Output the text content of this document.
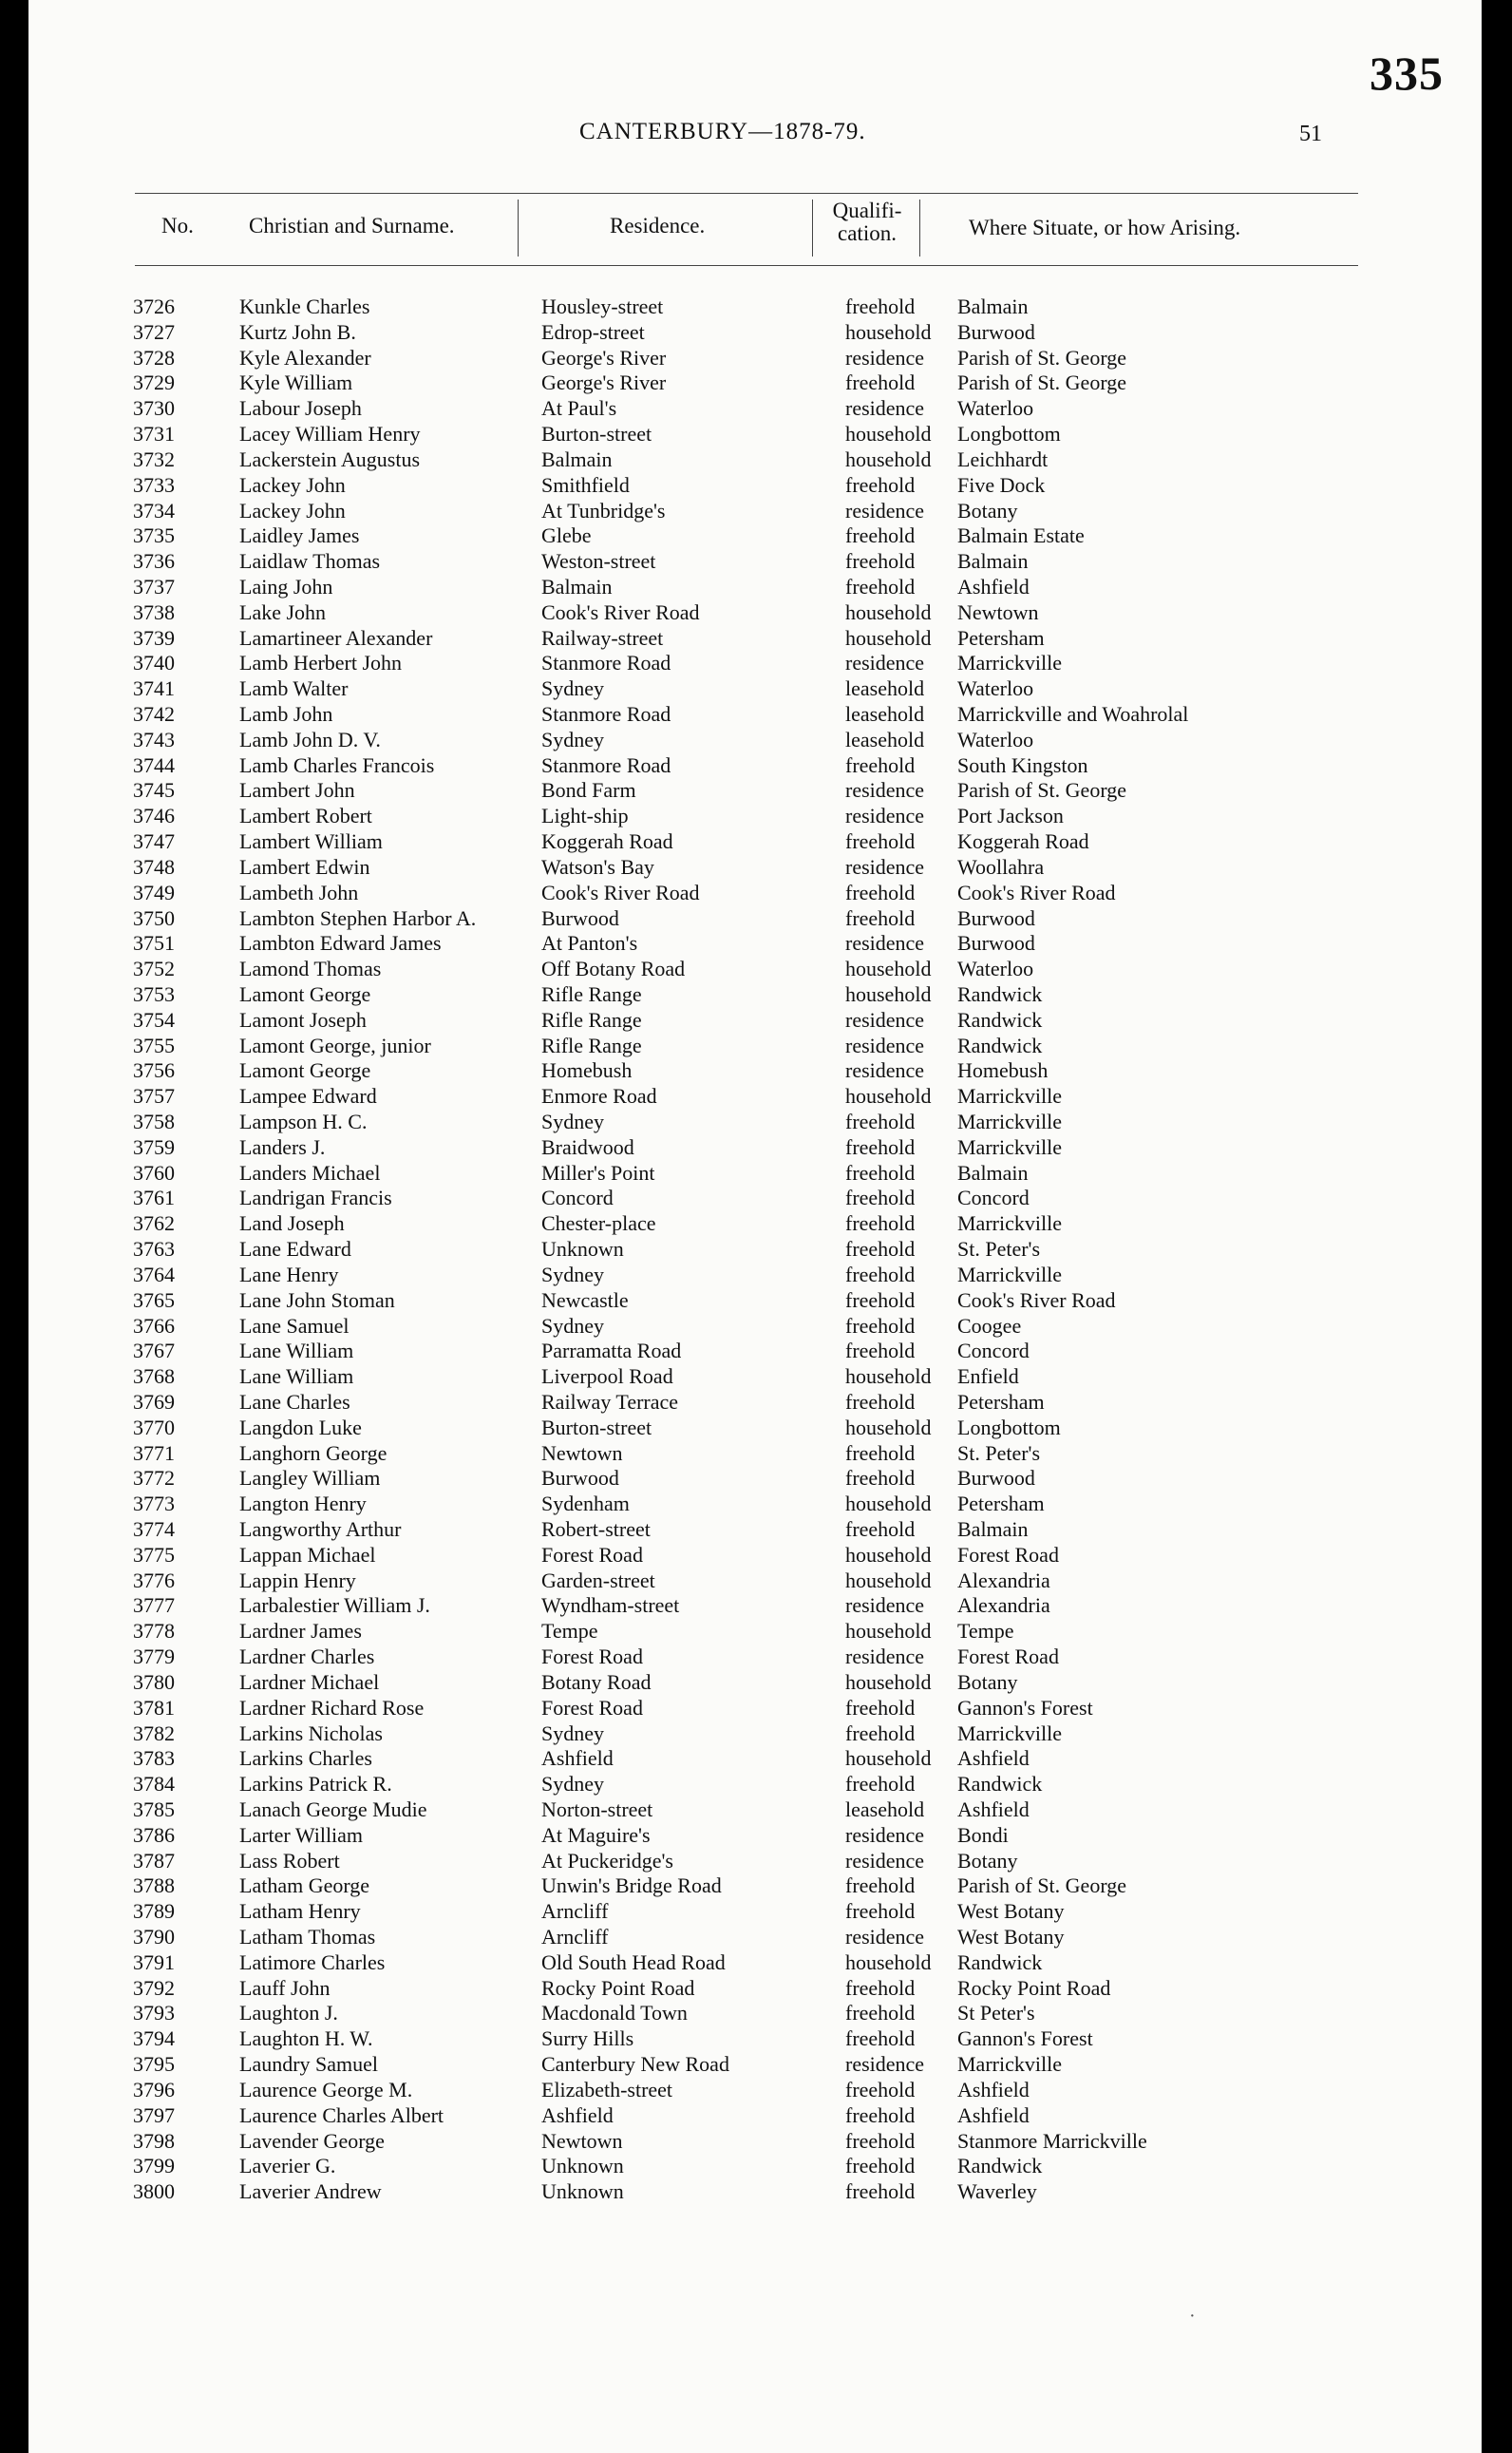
335
CANTERBURY—1878-79.	51
No.	Christian and Surname.	Residence.
Qualifi-
cation.	Where Situate, or how Arising.
3726	Kunkle Charles	Housley-street	freehold Balmain
3727	Kurtz John B.	Edrop-street	household Burwood
3728	Kyle Alexander	George's River	residence Parish of St. George
3729	Kyle William	George's River	freehold Parish of St. George
3730	Labour Joseph	At Paul's	residence Waterloo
3731	Lacey William Henry	Burton-street	household Longbottom
3732	Lackerstein Augustus	Balmain	household Leichhardt
3733	Lackey John	Smithfield	freehold Five Dock
3734	Lackey John	At Tunbridge's	residence Botany
3735	Laidley James	Glebe	freehold Balmain Estate
3736	Laidlaw Thomas	Weston-street	freehold Balmain
3737	Laing John	Balmain	freehold Ashfield
3738	Lake John	Cook's River Road	household Newtown
3739	Lamartineer Alexander	Railway-street	household Petersham
3740	Lamb Herbert John	Stanmore Road	residence Marrickville
3741	Lamb Walter	Sydney	leasehold Waterloo
3742	Lamb John	Stanmore Road	leasehold Marrickville and Woahrolal
3743	Lamb John D. V.	Sydney	leasehold Waterloo
3744	Lamb Charles Francois	Stanmore Road	freehold South Kingston
3745	Lambert John	Bond Farm	residence Parish of St. George
3746	Lambert Robert	Light-ship	residence Port Jackson
3747	Lambert William	Koggerah Road	freehold Koggerah Road
3748	Lambert Edwin	Watson's Bay	residence Woollahra
3749	Lambeth John	Cook's River Road	freehold Cook's River Road
3750	Lambton Stephen Harbor A.	Burwood	freehold Burwood
3751	Lambton Edward James	At Panton's	residence Burwood
3752	Lamond Thomas	Off Botany Road	household Waterloo
3753	Lamont George	Rifle Range	household Randwick
3754	Lamont Joseph	Rifle Range	residence Randwick
3755	Lamont George, junior	Rifle Range	residence Randwick
3756	Lamont George	Homebush	residence Homebush
3757	Lampee Edward	Enmore Road	household Marrickville
3758	Lampson H. C.	Sydney	freehold Marrickville
3759	Landers J.	Braidwood	freehold Marrickville
3760	Landers Michael	Miller's Point	freehold Balmain
3761	Landrigan Francis	Concord	freehold Concord
3762	Land Joseph	Chester-place	freehold Marrickville
3763	Lane Edward	Unknown	freehold St. Peter's
3764	Lane Henry	Sydney	freehold Marrickville
3765	Lane John Stoman	Newcastle	freehold Cook's River Road
3766	Lane Samuel	Sydney	freehold Coogee
3767	Lane William	Parramatta Road	freehold Concord
3768	Lane William	Liverpool Road	household Enfield
3769	Lane Charles	Railway Terrace	freehold Petersham
3770	Langdon Luke	Burton-street	household Longbottom
3771	Langhorn George	Newtown	freehold St. Peter's
3772	Langley William	Burwood	freehold Burwood
3773	Langton Henry	Sydenham	household Petersham
3774	Langworthy Arthur	Robert-street	freehold Balmain
3775	Lappan Michael	Forest Road	household Forest Road
3776	Lappin Henry	Garden-street	household Alexandria
3777	Larbalestier William J.	Wyndham-street	residence Alexandria
3778	Lardner James	Tempe	household Tempe
3779	Lardner Charles	Forest Road	residence Forest Road
3780	Lardner Michael	Botany Road	household Botany
3781	Lardner Richard Rose	Forest Road	freehold Gannon's Forest
3782	Larkins Nicholas	Sydney	freehold Marrickville
3783	Larkins Charles	Ashfield	household Ashfield
3784	Larkins Patrick R.	Sydney	freehold Randwick
3785	Lanach George Mudie	Norton-street	leasehold Ashfield
3786	Larter William	At Maguire's	residence Bondi
3787	Lass Robert	At Puckeridge's	residence Botany
3788	Latham George	Unwin's Bridge Road	freehold Parish of St. George
3789	Latham Henry	Arncliff	freehold West Botany
3790	Latham Thomas	Arncliff	residence West Botany
3791	Latimore Charles	Old South Head Road	household Randwick
3792	Lauff John	Rocky Point Road	freehold Rocky Point Road
3793	Laughton J.	Macdonald Town	freehold St Peter's
3794	Laughton H. W.	Surry Hills	freehold Gannon's Forest
3795	Laundry Samuel	Canterbury New Road	residence Marrickville
3796	Laurence George M.	Elizabeth-street	freehold Ashfield
3797	Laurence Charles Albert	Ashfield	freehold Ashfield
3798	Lavender George	Newtown	freehold Stanmore Marrickville
3799	Laverier G.	Unknown	freehold Randwick
3800	Laverier Andrew	Unknown	freehold Waverley
·
